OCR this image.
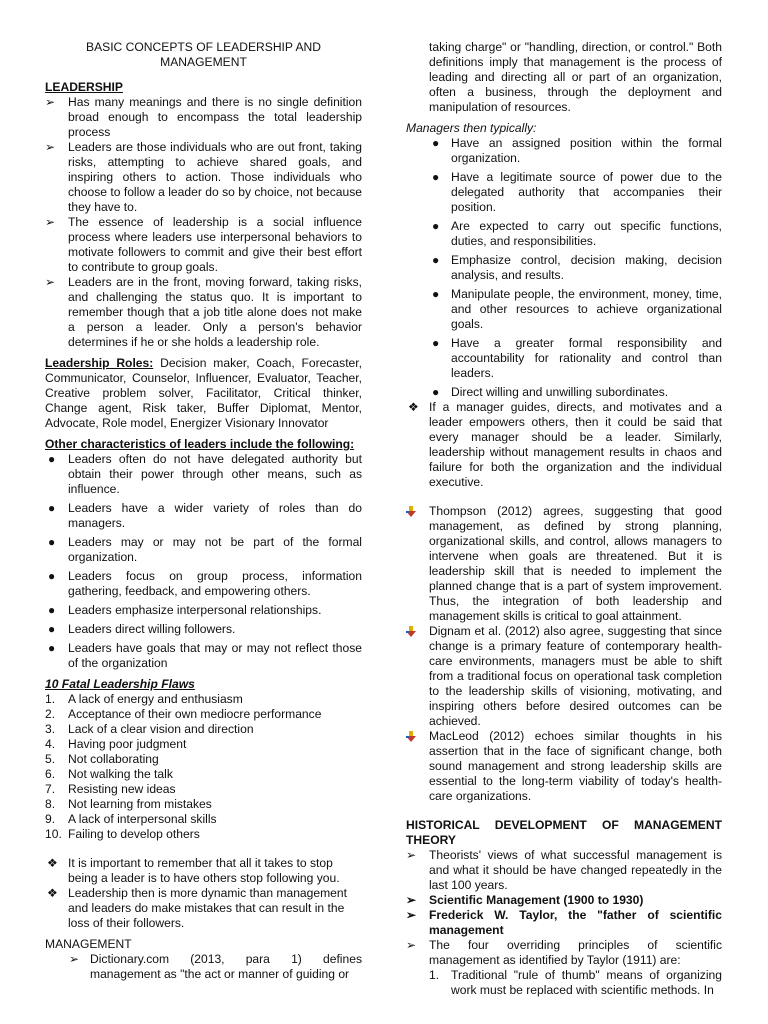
BASIC CONCEPTS OF LEADERSHIP AND
MANAGEMENT
LEADERSHIP
➢	Has many meanings and there is no single definition broad enough to encompass the total leadership process
➢	Leaders are those individuals who are out front, taking risks, attempting to achieve shared goals, and inspiring others to action. Those individuals who choose to follow a leader do so by choice, not because they have to.
➢	The essence of leadership is a social influence process where leaders use interpersonal behaviors to motivate followers to commit and give their best effort to contribute to group goals.
➢	Leaders are in the front, moving forward, taking risks, and challenging the status quo. It is important to remember though that a job title alone does not make a person a leader. Only a person's behavior determines if he or she holds a leadership role.

Leadership Roles: Decision maker, Coach, Forecaster, Communicator, Counselor, Influencer, Evaluator, Teacher, Creative problem solver, Facilitator, Critical thinker, Change agent, Risk taker, Buffer Diplomat, Mentor, Advocate, Role model, Energizer Visionary Innovator

Other characteristics of leaders include the following:
● Leaders often do not have delegated authority but obtain their power through other means, such as influence.
● Leaders have a wider variety of roles than do managers.
● Leaders may or may not be part of the formal organization.
● Leaders focus on group process, information gathering, feedback, and empowering others.
● Leaders emphasize interpersonal relationships.
● Leaders direct willing followers.
● Leaders have goals that may or may not reflect those of the organization
10 Fatal Leadership Flaws
1. A lack of energy and enthusiasm
2. Acceptance of their own mediocre performance
3. Lack of a clear vision and direction
4. Having poor judgment
5. Not collaborating
6. Not walking the talk
7. Resisting new ideas
8. Not learning from mistakes
9. A lack of interpersonal skills
10. Failing to develop others
❖ It is important to remember that all it takes to stop being a leader is to have others stop following you.
❖ Leadership then is more dynamic than management and leaders do make mistakes that can result in the loss of their followers.
MANAGEMENT
➢ Dictionary.com (2013, para 1) defines management as "the act or manner of guiding or

taking charge" or "handling, direction, or control." Both definitions imply that management is the process of leading and directing all or part of an organization, often a business, through the deployment and manipulation of resources.

Managers then typically:
● Have an assigned position within the formal organization.
● Have a legitimate source of power due to the delegated authority that accompanies their position.
● Are expected to carry out specific functions, duties, and responsibilities.
● Emphasize control, decision making, decision analysis, and results.
● Manipulate people, the environment, money, time, and other resources to achieve organizational goals.
● Have a greater formal responsibility and accountability for rationality and control than leaders.
● Direct willing and unwilling subordinates.
❖ If a manager guides, directs, and motivates and a leader empowers others, then it could be said that every manager should be a leader. Similarly, leadership without management results in chaos and failure for both the organization and the individual executive.
Thompson (2012) agrees, suggesting that good management, as defined by strong planning, organizational skills, and control, allows managers to intervene when goals are threatened. But it is leadership skill that is needed to implement the planned change that is a part of system improvement. Thus, the integration of both leadership and management skills is critical to goal attainment.
Dignam et al. (2012) also agree, suggesting that since change is a primary feature of contemporary health-care environments, managers must be able to shift from a traditional focus on operational task completion to the leadership skills of visioning, motivating, and inspiring others before desired outcomes can be achieved.
MacLeod (2012) echoes similar thoughts in his assertion that in the face of significant change, both sound management and strong leadership skills are essential to the long-term viability of today's health-care organizations.
HISTORICAL DEVELOPMENT OF MANAGEMENT THEORY
➢	Theorists' views of what successful management is and what it should be have changed repeatedly in the last 100 years.
➢	Scientific Management (1900 to 1930)
➢	Frederick W. Taylor, the "father of scientific management
➢	The four overriding principles of scientific management as identified by Taylor (1911) are:
1. Traditional "rule of thumb" means of organizing work must be replaced with scientific methods. In
